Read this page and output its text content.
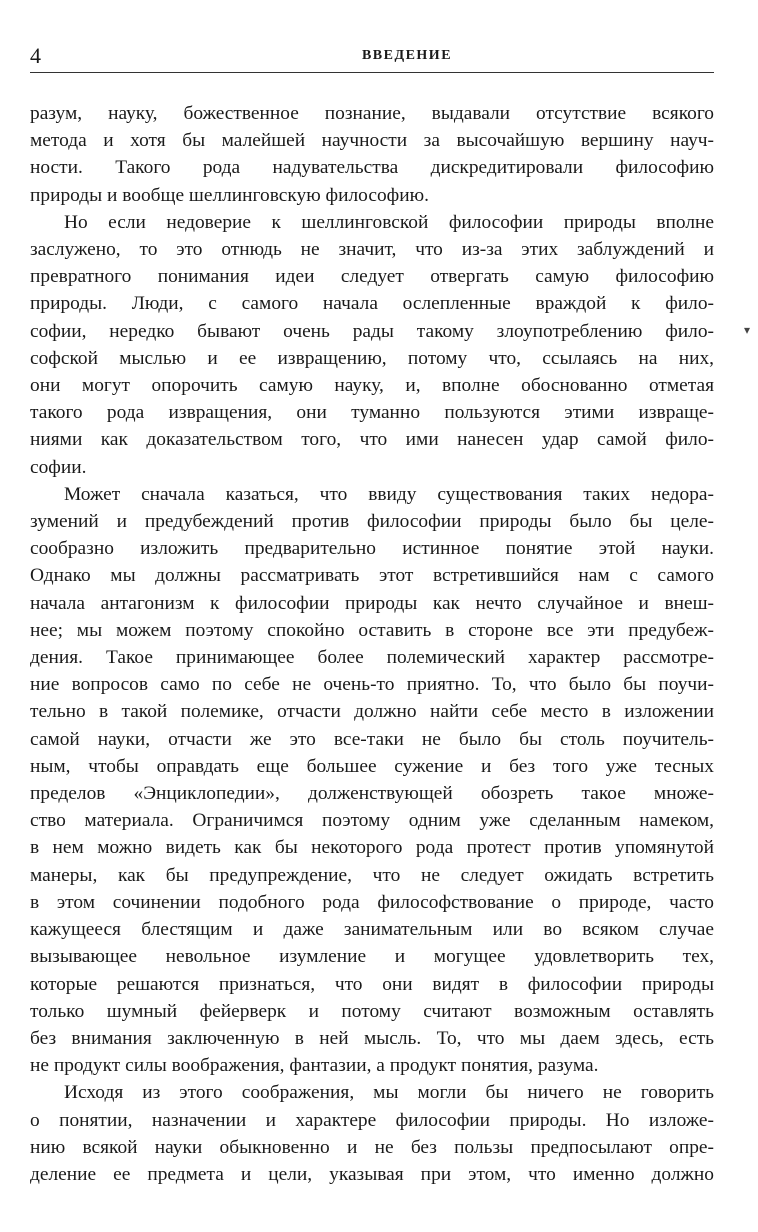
4	ВВЕДЕНИЕ
▾

разум, науку, божественное познание, выдавали отсутствие всякого
метода и хотя бы малейшей научности за высочайшую вершину науч-
ности. Такого рода надувательства дискредитировали философию
природы и вообще шеллинговскую философию.

Но если недоверие к шеллинговской философии природы вполне
заслужено, то это отнюдь не значит, что из-за этих заблуждений и
превратного понимания идеи следует отвергать самую философию
природы. Люди, с самого начала ослепленные враждой к фило-
софии, нередко бывают очень рады такому злоупотреблению фило-
софской мыслью и ее извращению, потому что, ссылаясь на них,
они могут опорочить самую науку, и, вполне обоснованно отметая
такого рода извращения, они туманно пользуются этими извраще-
ниями как доказательством того, что ими нанесен удар самой фило-
софии.

Может сначала казаться, что ввиду существования таких недора-
зумений и предубеждений против философии природы было бы целе-
сообразно изложить предварительно истинное понятие этой науки.
Однако мы должны рассматривать этот встретившийся нам с самого
начала антагонизм к философии природы как нечто случайное и внеш-
нее; мы можем поэтому спокойно оставить в стороне все эти предубеж-
дения. Такое принимающее более полемический характер рассмотре-
ние вопросов само по себе не очень-то приятно. То, что было бы поучи-
тельно в такой полемике, отчасти должно найти себе место в изложении
самой науки, отчасти же это все-таки не было бы столь поучитель-
ным, чтобы оправдать еще большее сужение и без того уже тесных
пределов «Энциклопедии», долженствующей обозреть такое множе-
ство материала. Ограничимся поэтому одним уже сделанным намеком,
в нем можно видеть как бы некоторого рода протест против упомянутой
манеры, как бы предупреждение, что не следует ожидать встретить
в этом сочинении подобного рода философствование о природе, часто
кажущееся блестящим и даже занимательным или во всяком случае
вызывающее невольное изумление и могущее удовлетворить тех,
которые решаются признаться, что они видят в философии природы
только шумный фейерверк и потому считают возможным оставлять
без внимания заключенную в ней мысль. То, что мы даем здесь, есть
не продукт силы воображения, фантазии, а продукт понятия, разума.

Исходя из этого соображения, мы могли бы ничего не говорить
о понятии, назначении и характере философии природы. Но изложе-
нию всякой науки обыкновенно и не без пользы предпосылают опре-
деление ее предмета и цели, указывая при этом, что именно должно
